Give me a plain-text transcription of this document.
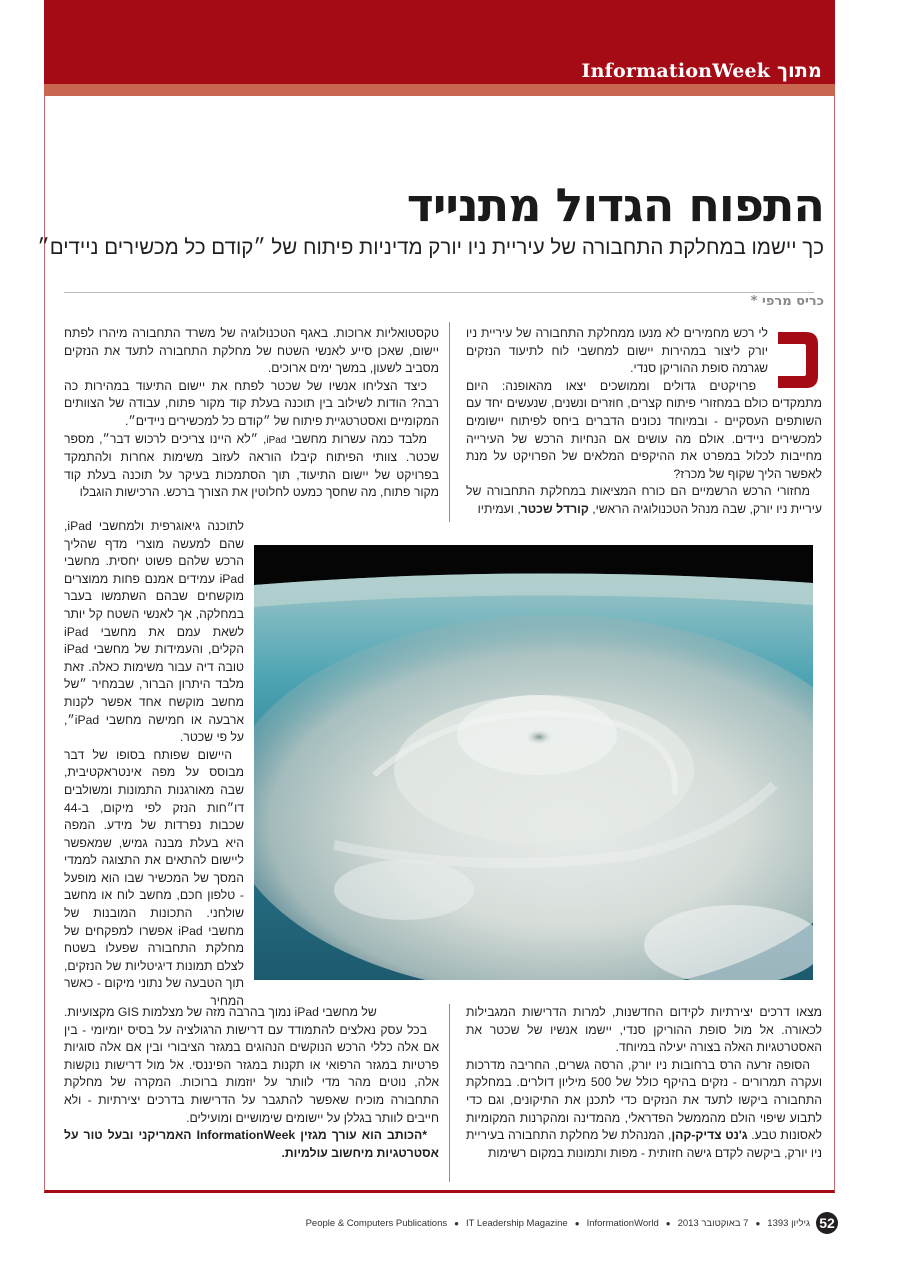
מתוך InformationWeek
התפוח הגדול מתנייד
כך יישמו במחלקת התחבורה של עיריית ניו יורק מדיניות פיתוח של ״קודם כל מכשירים ניידים״
כריס מרפי *

לי רכש מחמירים לא מנעו ממחלקת התחבורה של עיריית ניו יורק ליצור במהירות יישום למחשבי לוח לתיעוד הנזקים שגרמה סופת ההוריקן סנדי.

פרויקטים גדולים וממושכים יצאו מהאופנה: היום מתמקדים כולם במחזורי פיתוח קצרים, חוזרים ונשנים, שנעשים יחד עם השותפים העסקיים - ובמיוחד נכונים הדברים ביחס לפיתוח יישומים למכשירים ניידים. אולם מה עושים אם הנחיות הרכש של העירייה מחייבות לכלול במפרט את ההיקפים המלאים של הפרויקט על מנת לאפשר הליך שקוף של מכרז?

מחזורי הרכש הרשמיים הם כורח המציאות במחלקת התחבורה של עיריית ניו יורק, שבה מנהל הטכנולוגיה הראשי, קורדל שכטר, ועמיתיו

טקסטואליות ארוכות. באגף הטכנולוגיה של משרד התחבורה מיהרו לפתח יישום, שאכן סייע לאנשי השטח של מחלקת התחבורה לתעד את הנזקים מסביב לשעון, במשך ימים ארוכים.

כיצד הצליחו אנשיו של שכטר לפתח את יישום התיעוד במהירות כה רבה? הודות לשילוב בין תוכנה בעלת קוד מקור פתוח, עבודה של הצוותים המקומיים ואסטרטגיית פיתוח של ״קודם כל למכשירים ניידים״.

מלבד כמה עשרות מחשבי iPad, ״לא היינו צריכים לרכוש דבר״, מספר שכטר. צוותי הפיתוח קיבלו הוראה לעזוב משימות אחרות ולהתמקד בפרויקט של יישום התיעוד, תוך הסתמכות בעיקר על תוכנה בעלת קוד מקור פתוח, מה שחסך כמעט לחלוטין את הצורך ברכש. הרכישות הוגבלו

לתוכנה גיאוגרפית ולמחשבי iPad, שהם למעשה מוצרי מדף שהליך הרכש שלהם פשוט יחסית. מחשבי iPad עמידים אמנם פחות ממוצרים מוקשחים שבהם השתמשו בעבר במחלקה, אך לאנשי השטח קל יותר לשאת עמם את מחשבי iPad הקלים, והעמידות של מחשבי iPad טובה דיה עבור משימות כאלה. זאת מלבד היתרון הברור, שבמחיר ״של מחשב מוקשח אחד אפשר לקנות ארבעה או חמישה מחשבי iPad״, על פי שכטר.

היישום שפותח בסופו של דבר מבוסס על מפה אינטראקטיבית, שבה מאורגנות התמונות ומשולבים דו״חות הנזק לפי מיקום, ב-44 שכבות נפרדות של מידע. המפה היא בעלת מבנה גמיש, שמאפשר ליישום להתאים את התצוגה לממדי המסך של המכשיר שבו הוא מופעל - טלפון חכם, מחשב לוח או מחשב שולחני. התכונות המובנות של מחשבי iPad אפשרו למפקחים של מחלקת התחבורה שפעלו בשטח לצלם תמונות דיגיטליות של הנזקים, תוך הטבעה של נתוני מיקום - כאשר המחיר

של מחשבי iPad נמוך בהרבה מזה של מצלמות GIS מקצועיות.

בכל עסק נאלצים להתמודד עם דרישות הרגולציה על בסיס יומיומי - בין אם אלה כללי הרכש הנוקשים הנהוגים במגזר הציבורי ובין אם אלה סוגיות פרטיות במגזר הרפואי או תקנות במגזר הפיננסי. אל מול דרישות נוקשות אלה, נוטים מהר מדי לוותר על יוזמות ברוכות. המקרה של מחלקת התחבורה מוכיח שאפשר להתגבר על הדרישות בדרכים יצירתיות - ולא חייבים לוותר בגללן על יישומים שימושיים ומועילים.

*הכותב הוא עורך מגזין InformationWeek האמריקני ובעל טור על אסטרטגיות מיחשוב עולמיות.

מצאו דרכים יצירתיות לקידום החדשנות, למרות הדרישות המגבילות לכאורה. אל מול סופת ההוריקן סנדי, יישמו אנשיו של שכטר את האסטרטגיות האלה בצורה יעילה במיוחד.

הסופה זרעה הרס ברחובות ניו יורק, הרסה גשרים, החריבה מדרכות ועקרה תמרורים - נזקים בהיקף כולל של 500 מיליון דולרים. במחלקת התחבורה ביקשו לתעד את הנזקים כדי לתכנן את התיקונים, וגם כדי לתבוע שיפוי הולם מהממשל הפדראלי, מהמדינה ומהקרנות המקומיות לאסונות טבע. ג'נט צדיק-קהן, המנהלת של מחלקת התחבורה בעיריית ניו יורק, ביקשה לקדם גישה חזותית - מפות ותמונות במקום רשימות

People & Computers Publications ● IT Leadership Magazine ● InformationWorld ● 7 באוקטובר 2013 ● גיליון 1393 52
